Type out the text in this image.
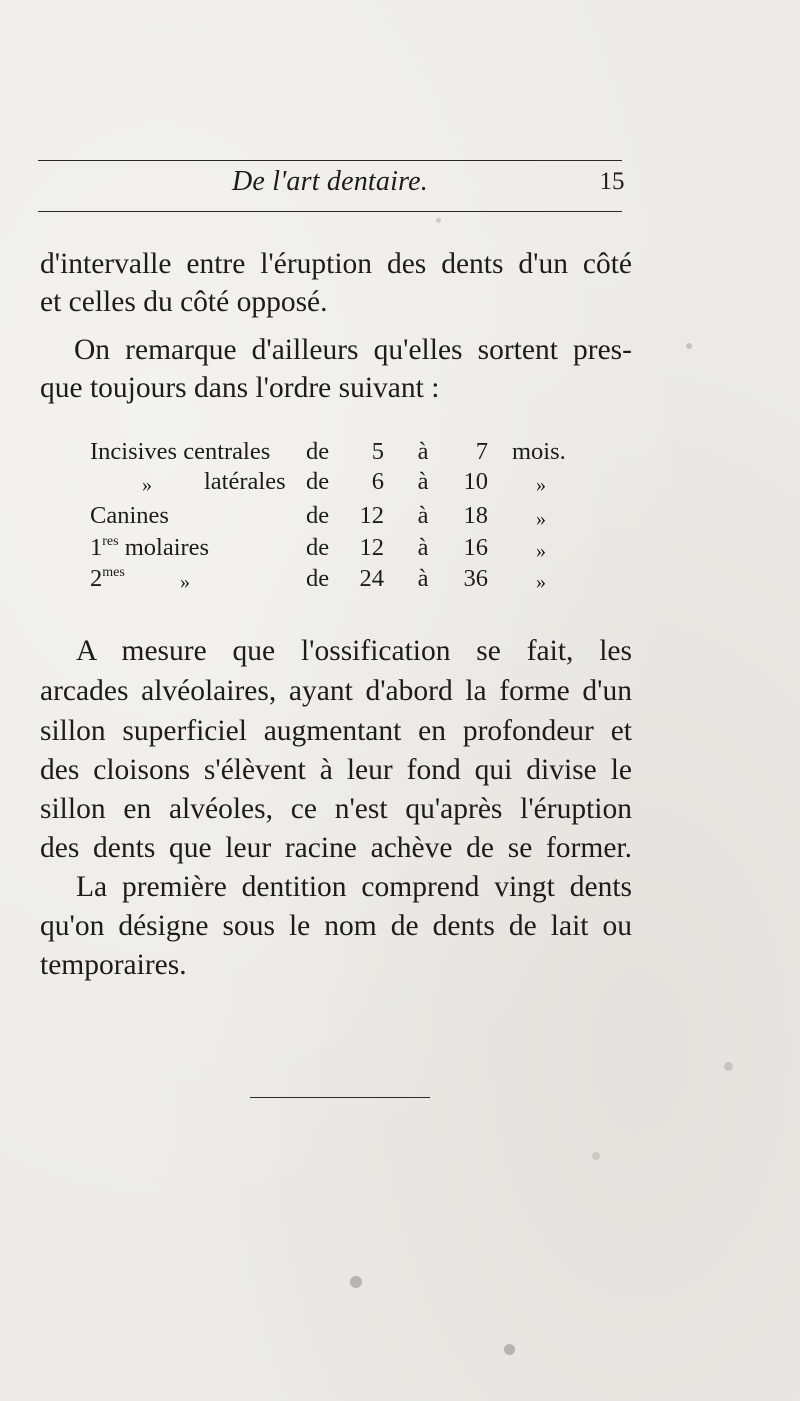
De l'art dentaire.	15
d'intervalle entre l'éruption des dents d'un côté
et celles du côté opposé.
On remarque d'ailleurs qu'elles sortent pres-
que toujours dans l'ordre suivant :
Incisives centrales de	5 à	7 mois.
» latérales de	6 à	10 »
Canines	de	12 à	18 »
1res molaires	de	12 à	16 »
$2^{mes}$	»	de	24 à	36 »
A mesure que l'ossification se fait, les
arcades alvéolaires, ayant d'abord la forme d'un
sillon superficiel augmentant en profondeur et
des cloisons s'élèvent à leur fond qui divise le
sillon en alvéoles, ce n'est qu'après l'éruption
des dents que leur racine achève de se former.
La première dentition comprend vingt dents
qu'on désigne sous le nom de dents de lait ou
temporaires.
